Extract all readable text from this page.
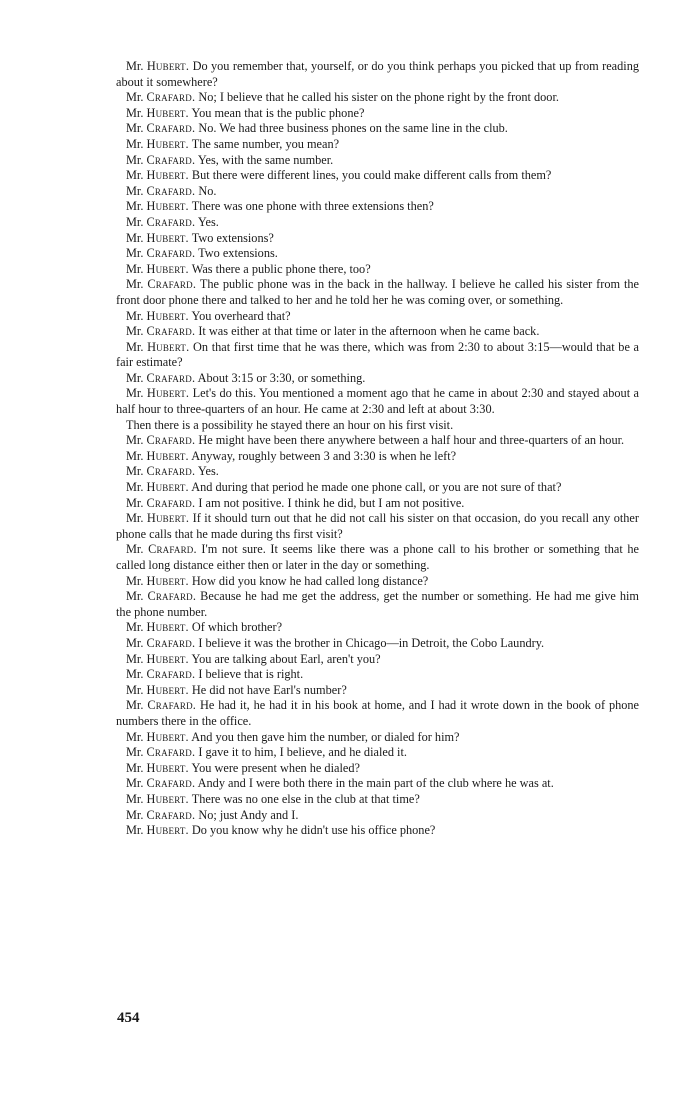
Mr. Hubert. Do you remember that, yourself, or do you think perhaps you picked that up from reading about it somewhere?

Mr. Crafard. No; I believe that he called his sister on the phone right by the front door.

Mr. Hubert. You mean that is the public phone?

Mr. Crafard. No. We had three business phones on the same line in the club.

Mr. Hubert. The same number, you mean?

Mr. Crafard. Yes, with the same number.

Mr. Hubert. But there were different lines, you could make different calls from them?

Mr. Crafard. No.

Mr. Hubert. There was one phone with three extensions then?

Mr. Crafard. Yes.

Mr. Hubert. Two extensions?

Mr. Crafard. Two extensions.

Mr. Hubert. Was there a public phone there, too?

Mr. Crafard. The public phone was in the back in the hallway. I believe he called his sister from the front door phone there and talked to her and he told her he was coming over, or something.

Mr. Hubert. You overheard that?

Mr. Crafard. It was either at that time or later in the afternoon when he came back.

Mr. Hubert. On that first time that he was there, which was from 2:30 to about 3:15—would that be a fair estimate?

Mr. Crafard. About 3:15 or 3:30, or something.

Mr. Hubert. Let's do this. You mentioned a moment ago that he came in about 2:30 and stayed about a half hour to three-quarters of an hour. He came at 2:30 and left at about 3:30.

Then there is a possibility he stayed there an hour on his first visit.

Mr. Crafard. He might have been there anywhere between a half hour and three-quarters of an hour.

Mr. Hubert. Anyway, roughly between 3 and 3:30 is when he left?

Mr. Crafard. Yes.

Mr. Hubert. And during that period he made one phone call, or you are not sure of that?

Mr. Crafard. I am not positive. I think he did, but I am not positive.

Mr. Hubert. If it should turn out that he did not call his sister on that occasion, do you recall any other phone calls that he made during ths first visit?

Mr. Crafard. I'm not sure. It seems like there was a phone call to his brother or something that he called long distance either then or later in the day or something.

Mr. Hubert. How did you know he had called long distance?

Mr. Crafard. Because he had me get the address, get the number or something. He had me give him the phone number.

Mr. Hubert. Of which brother?

Mr. Crafard. I believe it was the brother in Chicago—in Detroit, the Cobo Laundry.

Mr. Hubert. You are talking about Earl, aren't you?

Mr. Crafard. I believe that is right.

Mr. Hubert. He did not have Earl's number?

Mr. Crafard. He had it, he had it in his book at home, and I had it wrote down in the book of phone numbers there in the office.

Mr. Hubert. And you then gave him the number, or dialed for him?

Mr. Crafard. I gave it to him, I believe, and he dialed it.

Mr. Hubert. You were present when he dialed?

Mr. Crafard. Andy and I were both there in the main part of the club where he was at.

Mr. Hubert. There was no one else in the club at that time?

Mr. Crafard. No; just Andy and I.

Mr. Hubert. Do you know why he didn't use his office phone?

454
